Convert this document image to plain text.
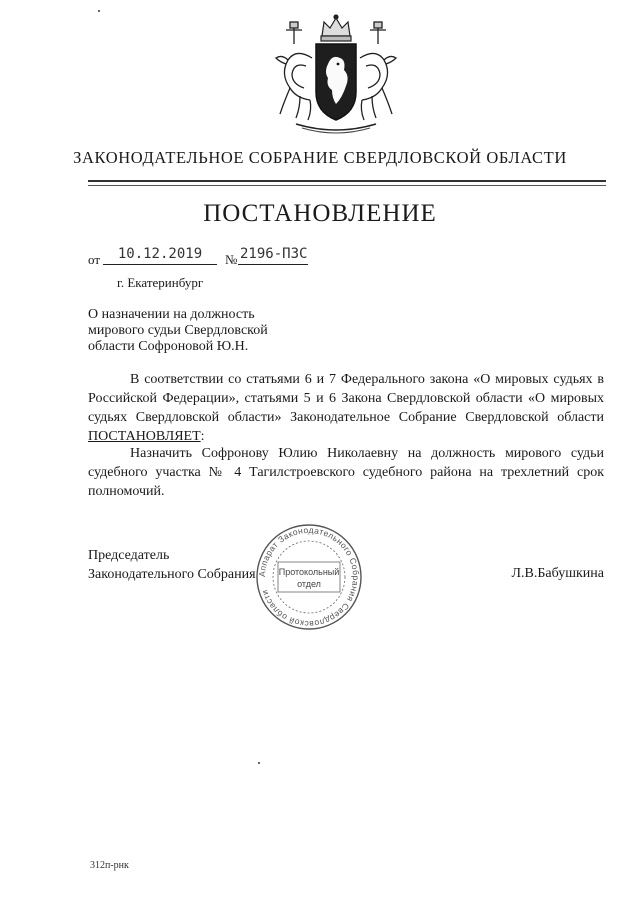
ЗАКОНОДАТЕЛЬНОЕ СОБРАНИЕ СВЕРДЛОВСКОЙ ОБЛАСТИ
ПОСТАНОВЛЕНИЕ
от	10.12.2019	№ 2196-ПЗС
г. Екатеринбург
О назначении на должность
мирового судьи Свердловской
области Софроновой Ю.Н.

В соответствии со статьями 6 и 7 Федерального закона «О мировых судьях в Российской Федерации», статьями 5 и 6 Закона Свердловской области «О мировых судьях Свердловской области» Законодательное Собрание Свердловской области ПОСТАНОВЛЯЕТ:

Назначить Софронову Юлию Николаевну на должность мирового судьи судебного участка № 4 Тагилстроевского судебного района на трехлетний срок полномочий.

Председатель
Законодательного Собрания	Л.В.Бабушкина
Аппарат Законодательного Собрания Свердловской области
Протокольный
отдел
312п-рнк
